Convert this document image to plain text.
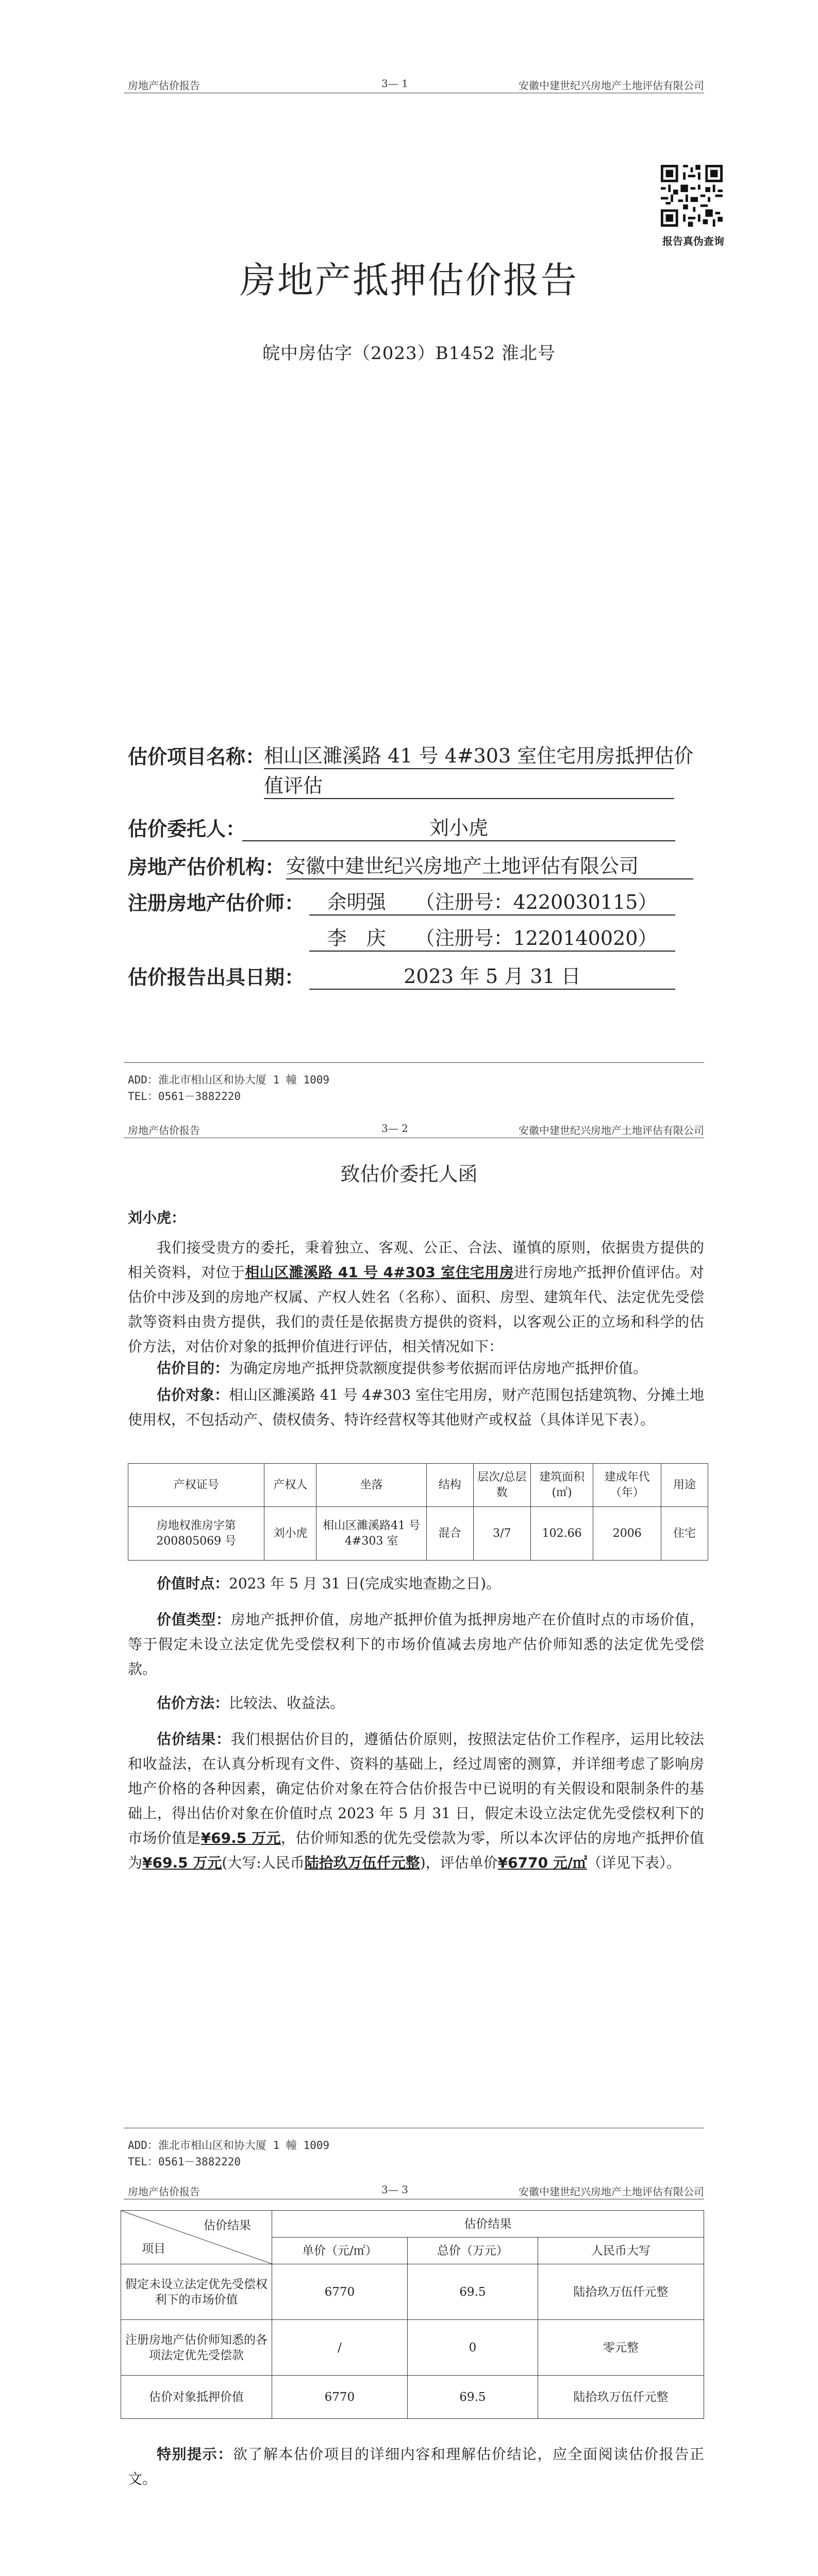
房地产估价报告	3— 1	安徽中建世纪兴房地产土地评估有限公司
报告真伪查询
房地产抵押估价报告
皖中房估字（2023）B1452 淮北号
估价项目名称：
相山区濉溪路 41 号 4#303 室住宅用房抵押估价
值评估
估价委托人：	刘小虎
房地产估价机构： 安徽中建世纪兴房地产土地评估有限公司
注册房地产估价师：	余明强　　（注册号：4220030115）
李　庆　　（注册号：1220140020）
估价报告出具日期：	2023 年 5 月 31 日
ADD：淮北市相山区和协大厦 1 幢 1009
TEL：0561－3882220
房地产估价报告	3— 2	安徽中建世纪兴房地产土地评估有限公司
致估价委托人函
刘小虎：
我们接受贵方的委托，秉着独立、客观、公正、合法、谨慎的原则，依据贵方提供的相关资料，对位于相山区濉溪路 41 号 4#303 室住宅用房进行房地产抵押价值评估。对估价中涉及到的房地产权属、产权人姓名（名称）、面积、房型、建筑年代、法定优先受偿款等资料由贵方提供，我们的责任是依据贵方提供的资料，以客观公正的立场和科学的估价方法，对估价对象的抵押价值进行评估，相关情况如下：
估价目的：为确定房地产抵押贷款额度提供参考依据而评估房地产抵押价值。
估价对象：相山区濉溪路 41 号 4#303 室住宅用房，财产范围包括建筑物、分摊土地使用权，不包括动产、债权债务、特许经营权等其他财产或权益（具体详见下表）。
产权证号	产权人	坐落	结构	层次/总层数	建筑面积(㎡)	建成年代（年）	用途
房地权淮房字第200805069 号	刘小虎	相山区濉溪路41 号 4#303 室	混合	3/7	102.66	2006	住宅
价值时点：2023 年 5 月 31 日(完成实地查勘之日)。
价值类型：房地产抵押价值，房地产抵押价值为抵押房地产在价值时点的市场价值，等于假定未设立法定优先受偿权利下的市场价值减去房地产估价师知悉的法定优先受偿款。
估价方法：比较法、收益法。
估价结果：我们根据估价目的，遵循估价原则，按照法定估价工作程序，运用比较法和收益法，在认真分析现有文件、资料的基础上，经过周密的测算，并详细考虑了影响房地产价格的各种因素，确定估价对象在符合估价报告中已说明的有关假设和限制条件的基础上，得出估价对象在价值时点 2023 年 5 月 31 日，假定未设立法定优先受偿权利下的市场价值是¥69.5 万元，估价师知悉的优先受偿款为零，所以本次评估的房地产抵押价值为¥69.5 万元(大写:人民币陆拾玖万伍仟元整)，评估单价¥6770 元/㎡（详见下表）。
ADD：淮北市相山区和协大厦 1 幢 1009
TEL：0561－3882220
房地产估价报告	3— 3	安徽中建世纪兴房地产土地评估有限公司
估价结果
项目	估价结果		
	单价（元/㎡）	总价（万元）	人民币大写
假定未设立法定优先受偿权利下的市场价值	6770	69.5	陆拾玖万伍仟元整
注册房地产估价师知悉的各项法定优先受偿款	/	0	零元整
估价对象抵押价值	6770	69.5	陆拾玖万伍仟元整
特别提示：欲了解本估价项目的详细内容和理解估价结论，应全面阅读估价报告正文。
